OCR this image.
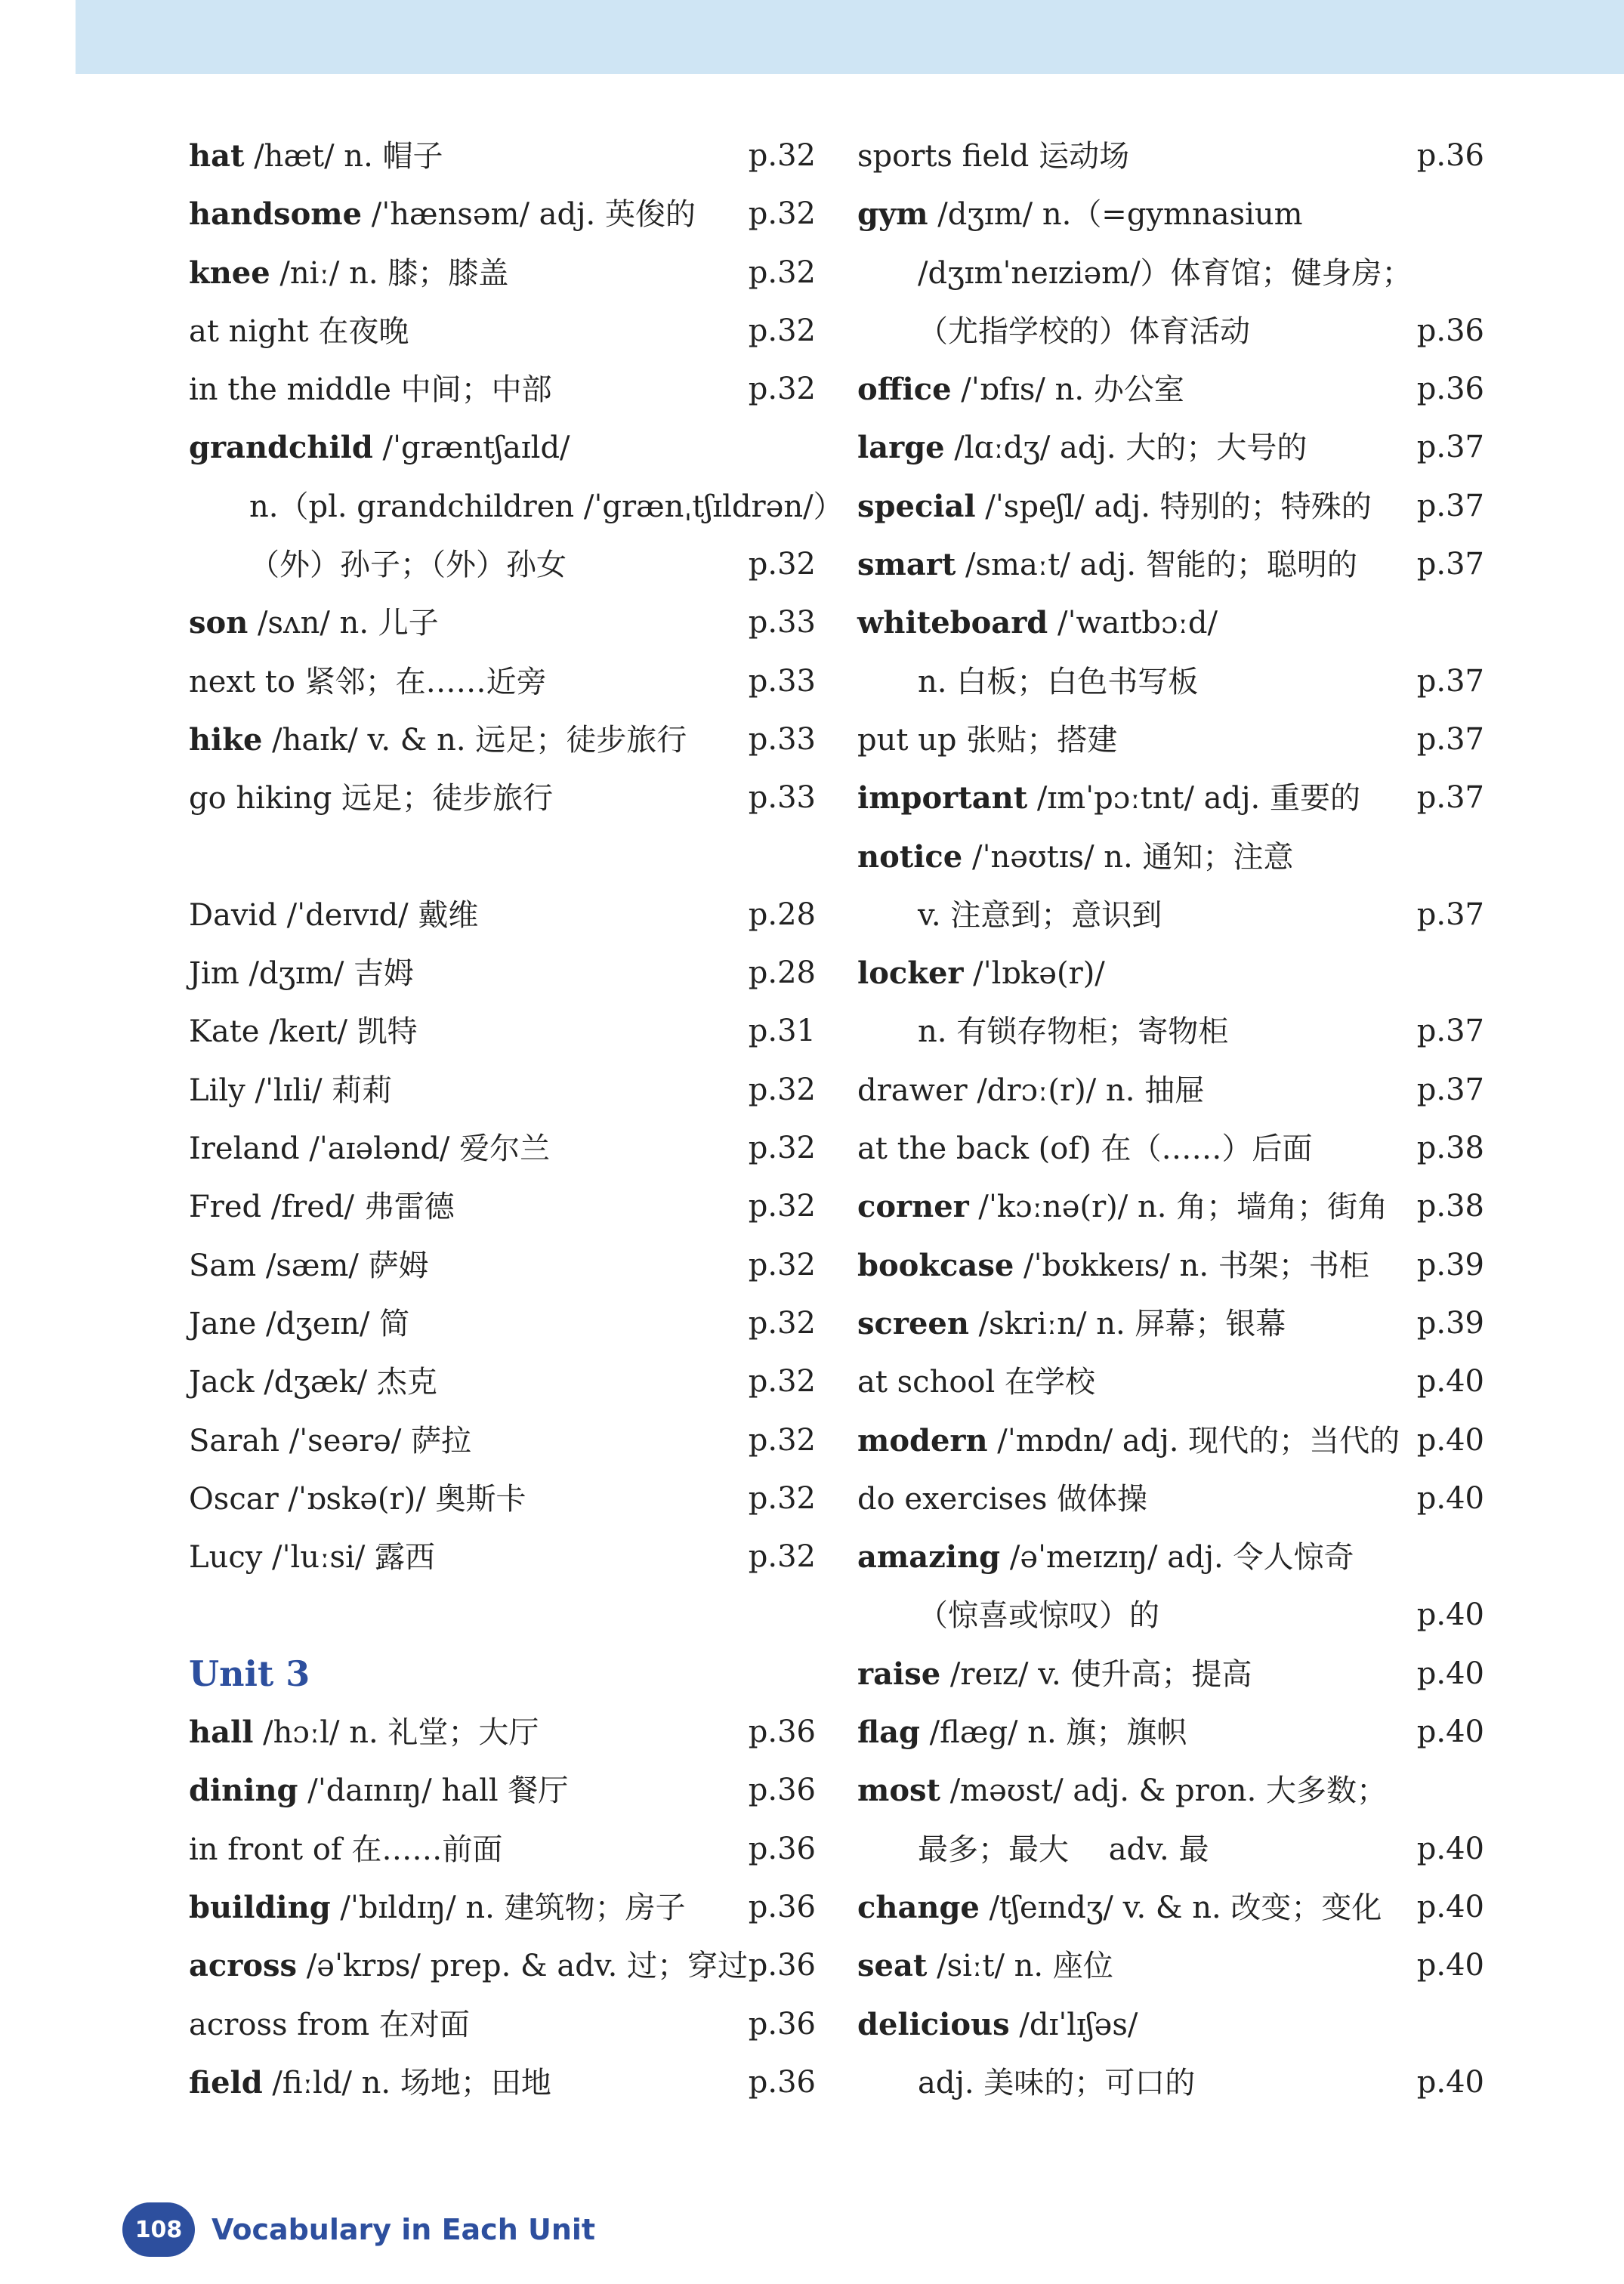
hat /hæt/ n. 帽子	p.32
handsome /ˈhænsəm/ adj. 英俊的 p.32
knee /niː/ n. 膝；膝盖	p.32
at night 在夜晚	p.32
in the middle 中间；中部	p.32
grandchild /ˈgræntʃaɪld/
n.（pl. grandchildren /ˈgrænˌtʃɪldrən/）
（外）孙子；（外）孙女	p.32
son /sʌn/ n. 儿子	p.33
next to 紧邻；在……近旁	p.33
hike /haɪk/ v. & n. 远足；徒步旅行 p.33
go hiking 远足；徒步旅行	p.33
David /ˈdeɪvɪd/ 戴维	p.28
Jim /dʒɪm/ 吉姆	p.28
Kate /keɪt/ 凯特	p.31
Lily /ˈlɪli/ 莉莉	p.32
Ireland /ˈaɪələnd/ 爱尔兰	p.32
Fred /fred/ 弗雷德	p.32
Sam /sæm/ 萨姆	p.32
Jane /dʒeɪn/ 简	p.32
Jack /dʒæk/ 杰克	p.32
Sarah /ˈseərə/ 萨拉	p.32
Oscar /ˈɒskə(r)/ 奥斯卡	p.32
Lucy /ˈluːsi/ 露西	p.32
Unit 3
hall /hɔːl/ n. 礼堂；大厅	p.36
dining /ˈdaɪnɪŋ/ hall 餐厅	p.36
in front of 在……前面	p.36
building /ˈbɪldɪŋ/ n. 建筑物；房子 p.36
across /əˈkrɒs/ prep. & adv. 过；穿过 p.36
across from 在对面	p.36
field /fiːld/ n. 场地；田地	p.36
sports field 运动场	p.36
gym /dʒɪm/ n.（=gymnasium
/dʒɪmˈneɪziəm/）体育馆；健身房；
（尤指学校的）体育活动	p.36
office /ˈɒfɪs/ n. 办公室	p.36
large /lɑːdʒ/ adj. 大的；大号的	p.37
special /ˈspeʃl/ adj. 特别的；特殊的 p.37
smart /smaːt/ adj. 智能的；聪明的 p.37
whiteboard /ˈwaɪtbɔːd/
n. 白板；白色书写板	p.37
put up 张贴；搭建	p.37
important /ɪmˈpɔːtnt/ adj. 重要的 p.37
notice /ˈnəʊtɪs/ n. 通知；注意
v. 注意到；意识到	p.37
locker /ˈlɒkə(r)/
n. 有锁存物柜；寄物柜	p.37
drawer /drɔː(r)/ n. 抽屉	p.37
at the back (of) 在（……）后面	p.38
corner /ˈkɔːnə(r)/ n. 角；墙角；街角 p.38
bookcase /ˈbʊkkeɪs/ n. 书架；书柜 p.39
screen /skriːn/ n. 屏幕；银幕	p.39
at school 在学校	p.40
modern /ˈmɒdn/ adj. 现代的；当代的 p.40
do exercises 做体操	p.40
amazing /əˈmeɪzɪŋ/ adj. 令人惊奇
（惊喜或惊叹）的	p.40
raise /reɪz/ v. 使升高；提高	p.40
flag /flæg/ n. 旗；旗帜	p.40
most /məʊst/ adj. & pron. 大多数；
最多；最大　 adv. 最	p.40
change /tʃeɪndʒ/ v. & n. 改变；变化 p.40
seat /siːt/ n. 座位	p.40
delicious /dɪˈlɪʃəs/
adj. 美味的；可口的	p.40
108	Vocabulary in Each Unit
